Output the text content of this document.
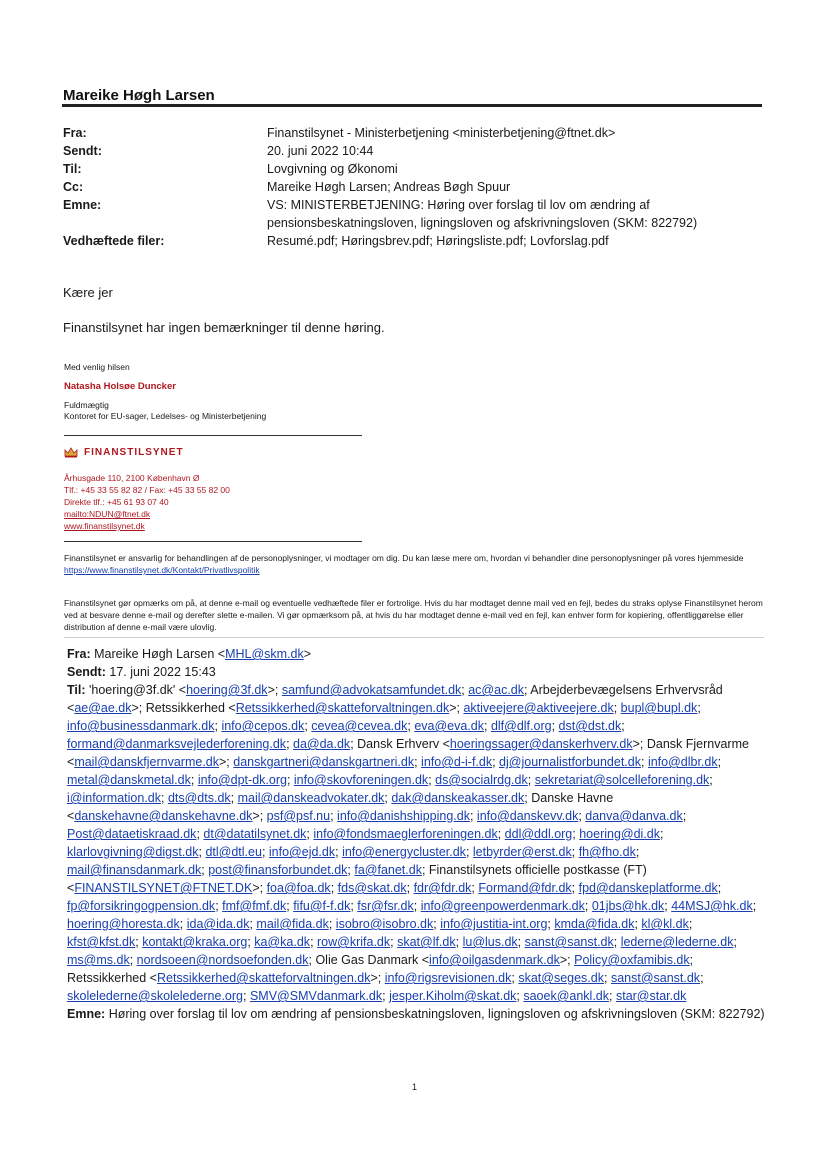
Mareike Høgh Larsen
Fra:	Finanstilsynet - Ministerbetjening <ministerbetjening@ftnet.dk>
Sendt:	20. juni 2022 10:44
Til:	Lovgivning og Økonomi
Cc:	Mareike Høgh Larsen; Andreas Bøgh Spuur
Emne:	VS: MINISTERBETJENING: Høring over forslag til lov om ændring af pensionsbeskatningsloven, ligningsloven og afskrivningsloven (SKM: 822792)
Vedhæftede filer:	Resumé.pdf; Høringsbrev.pdf; Høringsliste.pdf; Lovforslag.pdf
Kære jer
Finanstilsynet har ingen bemærkninger til denne høring.
Med venlig hilsen
Natasha Holsøe Duncker
Fuldmægtig
Kontoret for EU-sager, Ledelses- og Ministerbetjening
FINANSTILSYNET
Århusgade 110, 2100 København Ø
Tlf.: +45 33 55 82 82 / Fax: +45 33 55 82 00
Direkte tlf.: +45 61 93 07 40
mailto:NDUN@ftnet.dk
www.finanstilsynet.dk
Finanstilsynet er ansvarlig for behandlingen af de personoplysninger, vi modtager om dig. Du kan læse mere om, hvordan vi behandler dine personoplysninger på vores hjemmeside https://www.finanstilsynet.dk/Kontakt/Privatlivspolitik
Finanstilsynet gør opmærks om på, at denne e-mail og eventuelle vedhæftede filer er fortrolige. Hvis du har modtaget denne mail ved en fejl, bedes du straks oplyse Finanstilsynet herom ved at besvare denne e-mail og derefter slette e-mailen. Vi gør opmærksom på, at hvis du har modtaget denne e-mail ved en fejl, kan enhver form for kopiering, offentliggørelse eller distribution af denne e-mail være ulovlig.
Fra: Mareike Høgh Larsen <MHL@skm.dk>
Sendt: 17. juni 2022 15:43
Til: 'hoering@3f.dk' <hoering@3f.dk>; samfund@advokatsamfundet.dk; ac@ac.dk; Arbejderbevægelsens Erhvervsråd <ae@ae.dk>; Retssikkerhed <Retssikkerhed@skatteforvaltningen.dk>; aktiveejere@aktiveejere.dk; bupl@bupl.dk; info@businessdanmark.dk; info@cepos.dk; cevea@cevea.dk; eva@eva.dk; dlf@dlf.org; dst@dst.dk; formand@danmarksvejlederforening.dk; da@da.dk; Dansk Erhverv <hoeringssager@danskerhverv.dk>; Dansk Fjernvarme <mail@danskfjernvarme.dk>; danskgartneri@danskgartneri.dk; info@d-i-f.dk; dj@journalistforbundet.dk; info@dlbr.dk; metal@danskmetal.dk; info@dpt-dk.org; info@skovforeningen.dk; ds@socialrdg.dk; sekretariat@solcelleforening.dk; i@information.dk; dts@dts.dk; mail@danskeadvokater.dk; dak@danskeakasser.dk; Danske Havne <danskehavne@danskehavne.dk>; psf@psf.nu; info@danishshipping.dk; info@danskevv.dk; danva@danva.dk; Post@dataetiskraad.dk; dt@datatilsynet.dk; info@fondsmaeglerforeningen.dk; ddl@ddl.org; hoering@di.dk; klarlovgivning@digst.dk; dtl@dtl.eu; info@ejd.dk; info@energycluster.dk; letbyrder@erst.dk; fh@fho.dk; mail@finansdanmark.dk; post@finansforbundet.dk; fa@fanet.dk; Finanstilsynets officielle postkasse (FT) <FINANSTILSYNET@FTNET.DK>; foa@foa.dk; fds@skat.dk; fdr@fdr.dk; Formand@fdr.dk; fpd@danskeplatforme.dk; fp@forsikringogpension.dk; fmf@fmf.dk; fifu@f-f.dk; fsr@fsr.dk; info@greenpowerdenmark.dk; 01jbs@hk.dk; 44MSJ@hk.dk; hoering@horesta.dk; ida@ida.dk; mail@fida.dk; isobro@isobro.dk; info@justitia-int.org; kmda@fida.dk; kl@kl.dk; kfst@kfst.dk; kontakt@kraka.org; ka@ka.dk; row@krifa.dk; skat@lf.dk; lu@lus.dk; sanst@sanst.dk; lederne@lederne.dk; ms@ms.dk; nordsoeen@nordsoefonden.dk; Olie Gas Danmark <info@oilgasdenmark.dk>; Policy@oxfamibis.dk; Retssikkerhed <Retssikkerhed@skatteforvaltningen.dk>; info@rigsrevisionen.dk; skat@seges.dk; sanst@sanst.dk; skolelederne@skolelederne.org; SMV@SMVdanmark.dk; jesper.Kiholm@skat.dk; saoek@ankl.dk; star@star.dk
Emne: Høring over forslag til lov om ændring af pensionsbeskatningsloven, ligningsloven og afskrivningsloven (SKM: 822792)
1
